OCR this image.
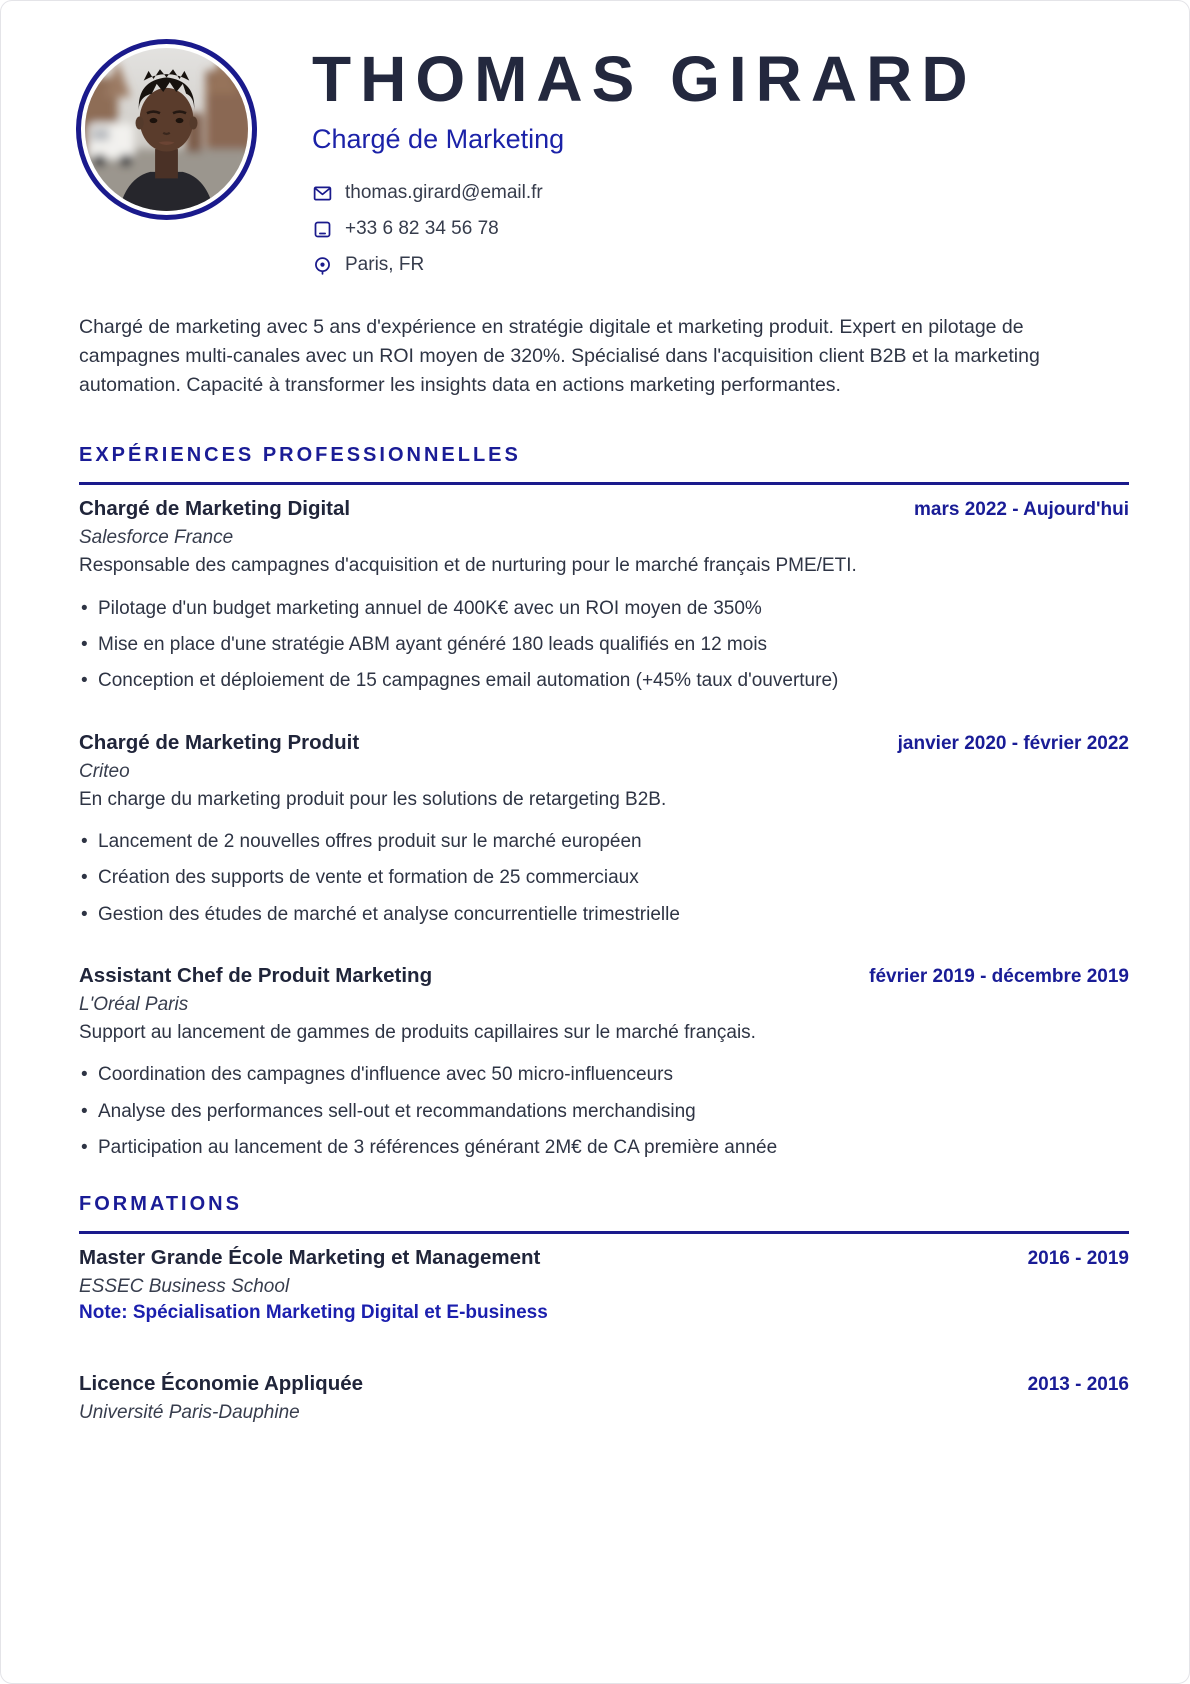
THOMAS GIRARD
Chargé de Marketing
thomas.girard@email.fr
+33 6 82 34 56 78
Paris, FR

Chargé de marketing avec 5 ans d'expérience en stratégie digitale et marketing produit. Expert en pilotage de campagnes multi-canales avec un ROI moyen de 320%. Spécialisé dans l'acquisition client B2B et la marketing automation. Capacité à transformer les insights data en actions marketing performantes.

EXPÉRIENCES PROFESSIONNELLES
Chargé de Marketing Digital	mars 2022 - Aujourd'hui
Salesforce France
Responsable des campagnes d'acquisition et de nurturing pour le marché français PME/ETI.
• Pilotage d'un budget marketing annuel de 400K€ avec un ROI moyen de 350%
• Mise en place d'une stratégie ABM ayant généré 180 leads qualifiés en 12 mois
• Conception et déploiement de 15 campagnes email automation (+45% taux d'ouverture)
Chargé de Marketing Produit	janvier 2020 - février 2022
Criteo
En charge du marketing produit pour les solutions de retargeting B2B.
• Lancement de 2 nouvelles offres produit sur le marché européen
• Création des supports de vente et formation de 25 commerciaux
• Gestion des études de marché et analyse concurrentielle trimestrielle
Assistant Chef de Produit Marketing	février 2019 - décembre 2019
L'Oréal Paris
Support au lancement de gammes de produits capillaires sur le marché français.
• Coordination des campagnes d'influence avec 50 micro-influenceurs
• Analyse des performances sell-out et recommandations merchandising
• Participation au lancement de 3 références générant 2M€ de CA première année
FORMATIONS
Master Grande École Marketing et Management	2016 - 2019
ESSEC Business School
Note: Spécialisation Marketing Digital et E-business
Licence Économie Appliquée	2013 - 2016
Université Paris-Dauphine
